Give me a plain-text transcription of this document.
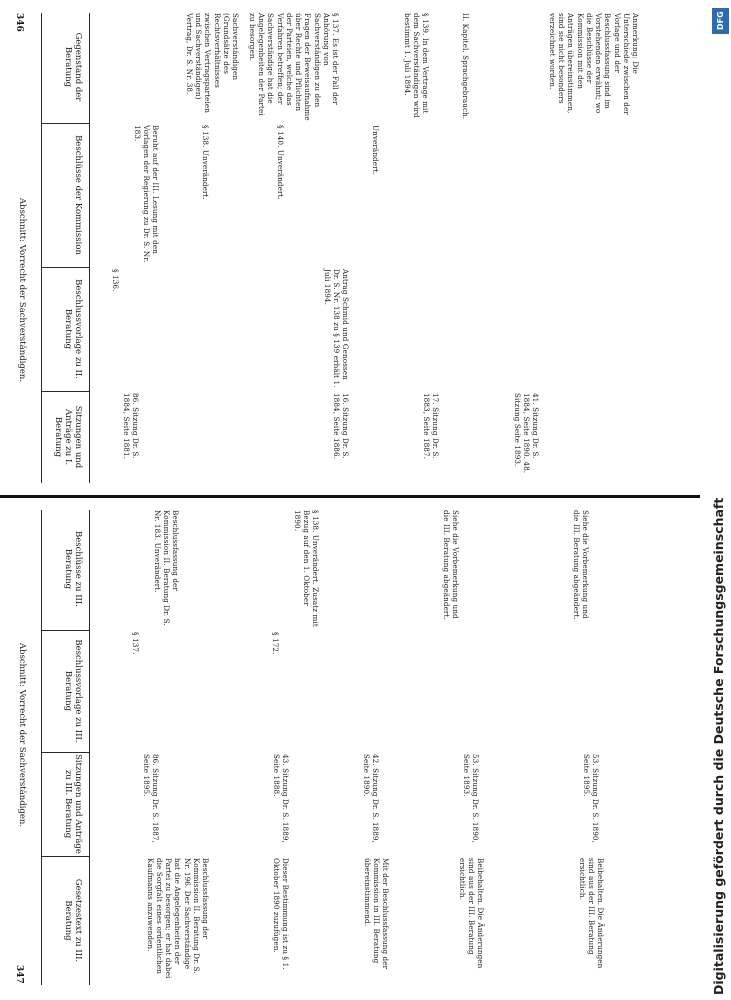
346
347
Abschnitt: Vorrecht der Sachverständigen.
Abschnitt: Vorrecht der Sachverständigen.
Gegenstand der Beratung
Beschlüsse der Kommission
Beschlussvorlage zu II. Beratung
Sitzungen und Anträge zu I. Beratung
Sachverständigen (Grundsätze des Rechtsverhältnisses zwischen Vertragsparteien und Sachverständigen) Vertrag, Dr. S. Nr. 38.
Beruht auf der III. Lesung mit den Vorlagen der Regierung zu Dr. S. Nr. 183.
§ 136.
86. Sitzung Dr. S. 1884, Seite 1881.
§ 137. Es ist der Fall der Anhörung von Sachverständigen zu den Fragen der Beweisaufnahme über Rechte und Pflichten der Parteien, welche das Verfahren betreffen; der Sachverständige hat die Angelegenheiten der Partei zu besorgen.
§ 138. Unverändert.
§ 139. In dem Vertrage mit dem Sachverständigen wird bestimmt 1. Juli 1894.
§ 140. Unverändert.
Antrag Schmid und Genossen Dr. S. Nr. 138 zu § 139 erhält 1. Juli 1894.
16. Sitzung Dr. S. 1884, Seite 1886.
II. Kapitel. Sprachgebrauch.
Unverändert.
17. Sitzung Dr. S. 1883, Seite 1887.
Anmerkung: Die Unterschiede zwischen der Vorlage und der Beschlussfassung sind im Vorstehenden erwähnt; wo die Beschlüsse der Kommission mit den Anträgen übereinstimmen, sind sie nicht besonders verzeichnet worden.
41. Sitzung Dr. S. 1884, Seite 1890. 48. Sitzung Seite 1893.
Beschlüsse zu III. Beratung
Beschlussvorlage zu III. Beratung
Sitzungen und Anträge zu III. Beratung
Gesetzestext zu III. Beratung
Beschlussfassung der Kommission II. Beratung Dr. S. Nr. 183. Unverändert.
§ 137.
86. Sitzung Dr. S. 1887, Seite 1895.
Beschlussfassung der Kommission II. Beratung Dr. S. Nr. 196. Der Sachverständige hat die Angelegenheiten der Partei zu besorgen; er hat dabei die Sorgfalt eines ordentlichen Kaufmanns anzuwenden.
§ 138. Unverändert. Zusatz mit Bezug auf den 1. Oktober 1890.
§ 172.
43. Sitzung Dr. S. 1889, Seite 1888.
Dieser Bestimmung ist zu § 1. Oktober 1890 zuzufügen.
42. Sitzung Dr. S. 1889, Seite 1890.
Mit der Beschlussfassung der Kommission in III. Beratung übereinstimmend.
Siehe die Vorbemerkung und die III. Beratung abgeändert.
53. Sitzung Dr. S. 1890, Seite 1893.
Beibehalten. Die Änderungen sind aus der III. Beratung ersichtlich.
Siehe die Vorbemerkung und die III. Beratung abgeändert.
53. Sitzung Dr. S. 1890, Seite 1895.
Beibehalten. Die Änderungen sind aus der III. Beratung ersichtlich.
DFG
Digitalisierung gefördert durch die Deutsche Forschungsgemeinschaft
